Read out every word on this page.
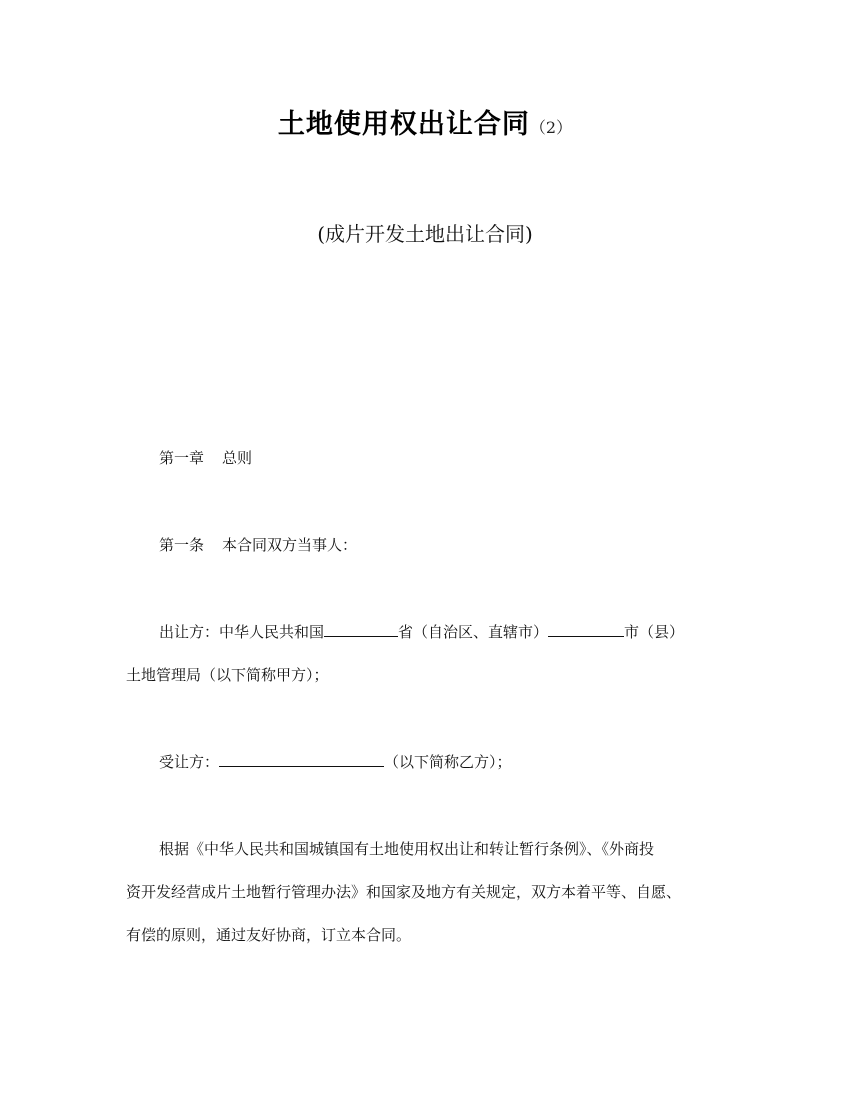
土地使用权出让合同（2）
(成片开发土地出让合同)
第一章 总则
第一条 本合同双方当事人：
出让方：中华人民共和国	省（自治区、直辖市）	市（县）
土地管理局（以下简称甲方）；
受让方：	（以下简称乙方）；
根据《中华人民共和国城镇国有土地使用权出让和转让暂行条例》、《外商投
资开发经营成片土地暂行管理办法》和国家及地方有关规定，双方本着平等、自愿、
有偿的原则，通过友好协商，订立本合同。
